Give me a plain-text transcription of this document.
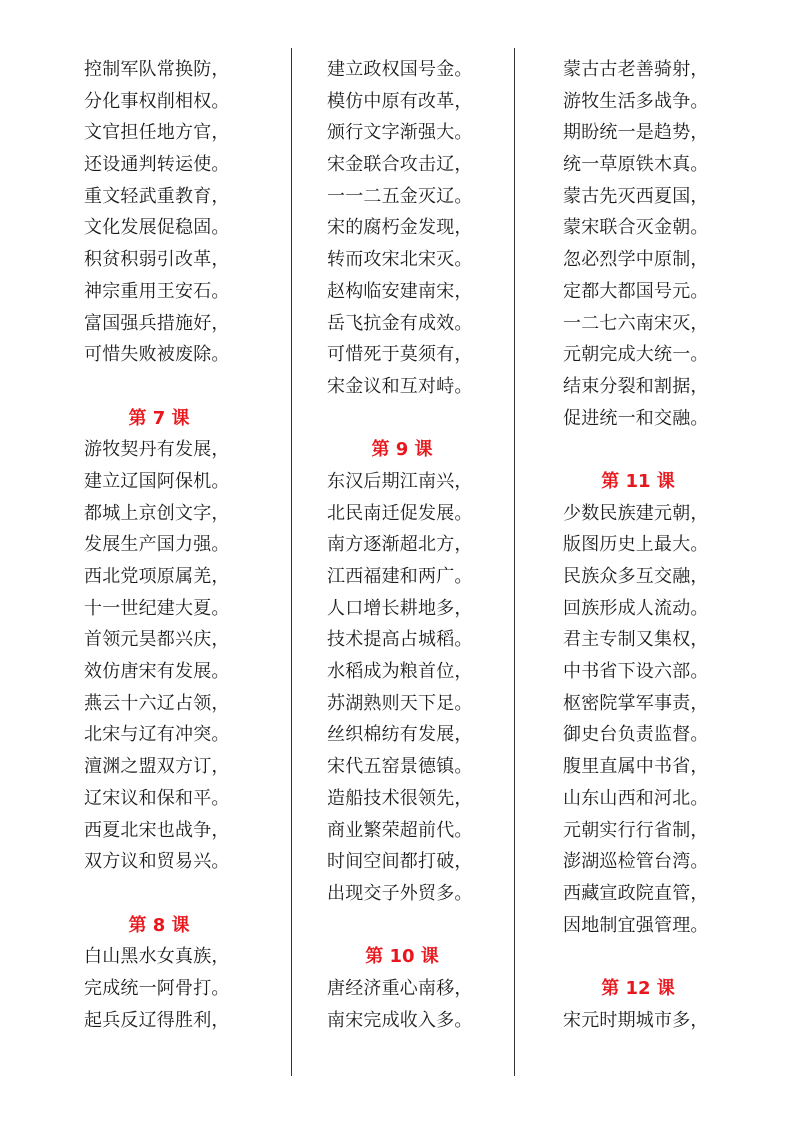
控制军队常换防，
分化事权削相权。
文官担任地方官，
还设通判转运使。
重文轻武重教育，
文化发展促稳固。
积贫积弱引改革，
神宗重用王安石。
富国强兵措施好，
可惜失败被废除。
第 7 课
游牧契丹有发展，
建立辽国阿保机。
都城上京创文字，
发展生产国力强。
西北党项原属羌，
十一世纪建大夏。
首领元昊都兴庆，
效仿唐宋有发展。
燕云十六辽占领，
北宋与辽有冲突。
澶渊之盟双方订，
辽宋议和保和平。
西夏北宋也战争，
双方议和贸易兴。
第 8 课
白山黑水女真族，
完成统一阿骨打。
起兵反辽得胜利，
建立政权国号金。
模仿中原有改革，
颁行文字渐强大。
宋金联合攻击辽，
一一二五金灭辽。
宋的腐朽金发现，
转而攻宋北宋灭。
赵构临安建南宋，
岳飞抗金有成效。
可惜死于莫须有，
宋金议和互对峙。
第 9 课
东汉后期江南兴，
北民南迁促发展。
南方逐渐超北方，
江西福建和两广。
人口增长耕地多，
技术提高占城稻。
水稻成为粮首位，
苏湖熟则天下足。
丝织棉纺有发展，
宋代五窑景德镇。
造船技术很领先，
商业繁荣超前代。
时间空间都打破，
出现交子外贸多。
第 10 课
唐经济重心南移，
南宋完成收入多。
蒙古古老善骑射，
游牧生活多战争。
期盼统一是趋势，
统一草原铁木真。
蒙古先灭西夏国，
蒙宋联合灭金朝。
忽必烈学中原制，
定都大都国号元。
一二七六南宋灭，
元朝完成大统一。
结束分裂和割据，
促进统一和交融。
第 11 课
少数民族建元朝，
版图历史上最大。
民族众多互交融，
回族形成人流动。
君主专制又集权，
中书省下设六部。
枢密院掌军事责，
御史台负责监督。
腹里直属中书省，
山东山西和河北。
元朝实行行省制，
澎湖巡检管台湾。
西藏宣政院直管，
因地制宜强管理。
第 12 课
宋元时期城市多，
